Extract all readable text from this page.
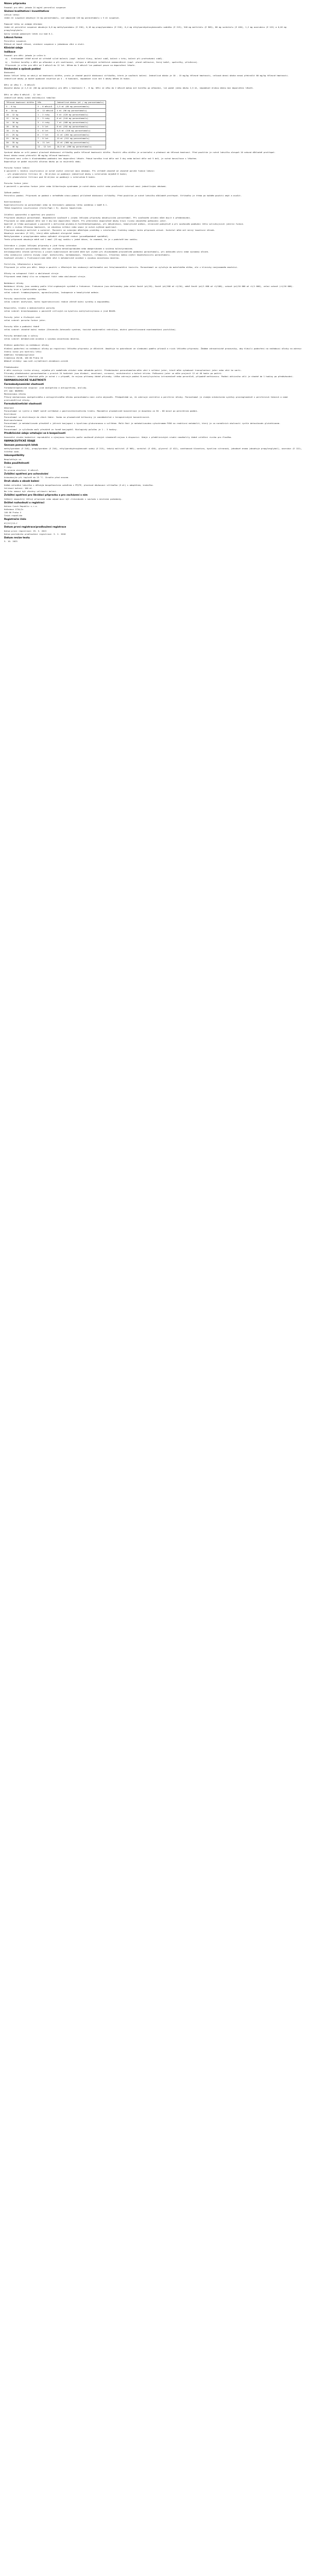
Název přípravku
Panadol pro děti jahoda 24 mg/ml perorální suspenze
Složení kvalitativní i kvantitativní
Léčivá látka:
Jeden ml suspenze obsahuje 24 mg paracetamolu, což odpovídá 120 mg paracetamolu v 5 ml suspenze.

Pomocné látky se známým účinkem:
Jeden ml perorální suspenze obsahuje 0,8 mg methylparabenu (E 218), 0,16 mg propylparabenu (E 216), 0,4 mg ethylparahydroxybenzoátu sodného (E 215), 540 mg maltitolu (E 965), 80 mg sorbitolu (E 420), 1,2 mg azorubinu (E 122) a 0,02 mg propylenglykolu.
Úplný seznam pomocných látek viz bod 6.1.
Léková forma
Perorální suspenze.
Růžová až tmavě růžová, viskózní suspenze s jahodovou vůní a chutí.
Klinické údaje
Indikace
Panadol pro děti jahoda je určen k:
a) - Krátkodobé léčbě mírné až středně silné bolesti (např. bolest hlavy, bolest zubů, bolest v krku, bolest při prořezávání zubů).
b) - Snížení horečky u dětí po očkování a při nachlazení, chřipce a dětských infekčních onemocněních (např. plané neštovice, černý kašel, spalničky, příušnice).
Přípravek je určen pro děti od 3 měsíců do 12 let. Dětem do 3 měsíců lze podávat pouze na doporučení lékaře.
Dávkování a způsob podání
Dávkování
Dávka léčivé látky se odvíjí od hmotnosti dítěte, proto je vhodné použít dávkovací stříkačku, která je součástí balení. Jednotlivá dávka je 10 - 15 mg/kg tělesné hmotnosti, celková denní dávka nesmí překročit 60 mg/kg tělesné hmotnosti.
Jednotlivé dávky je možné opakovat nejdříve po 4 - 6 hodinách, nepodávat více než 4 dávky během 24 hodin.

Děti ve věku 3 - 6 měsíců:
Obvyklá dávka je 2,5 ml (60 mg paracetamolu) pro děti s hmotností 5 - 8 kg. Děti ve věku do 2 měsíců mohou mít horečku po očkování, lze podat jednu dávku 2,5 ml, nepodávat druhou dávku bez doporučení lékaře.

Děti ve věku 6 měsíců - 12 let:
Jednotlivé dávky uvádí následující tabulka:
Tělesná hmotnost dítěte	Věk	Jednotlivá dávka (ml / mg paracetamolu)
5 - 8 kg	3 - 6 měsíců	2,5 ml (60 mg paracetamolu)
8 - 10 kg	6 - 12 měsíců	4 ml (96 mg paracetamolu)
10 - 12 kg	1 - 2 roky	5 ml (120 mg paracetamolu)
12 - 14 kg	2 - 3 roky	6 ml (144 mg paracetamolu)
14 - 16 kg	3 - 4 roky	7 ml (168 mg paracetamolu)
16 - 18 kg	4 - 5 let	8 ml (192 mg paracetamolu)
18 - 21 kg	5 - 6 let	9,5 ml (228 mg paracetamolu)
21 - 25 kg	6 - 7 let	11 ml (264 mg paracetamolu)
25 - 30 kg	7 - 9 let	13 ml (312 mg paracetamolu)
30 - 35 kg	9 - 11 let	15 ml (360 mg paracetamolu)
35 - 40 kg	11 - 12 let	16,5 ml (396 mg paracetamolu)
Správná dávka se určí pomocí plastové dávkovací stříkačky podle tělesné hmotnosti dítěte. Použití věku dítěte je orientační a přednost má tělesná hmotnost. Před použitím je nutné lahvičku alespoň 10 sekund důkladně protřepat.
Denní dávka nesmí překročit 60 mg/kg tělesné hmotnosti.
Přípravek není určen k dlouhodobému podávání bez doporučení lékaře. Pokud horečka trvá déle než 3 dny nebo bolest déle než 5 dnů, je nutná konzultace s lékařem.
Doporučuje se podat nejnižší účinnou dávku po co nejkratší dobu.

Porucha funkce ledvin
U pacientů s renální insuficiencí je nutné zvýšit interval mezi dávkami. Při středně závažné až závažné poruše funkce ledvin:
- při glomerulární filtraci 10 - 50 ml/min se podávají jednotlivé dávky s intervalem nejméně 6 hodin;
- při glomerulární filtraci pod 10 ml/min se podávají s intervalem 8 hodin.

Porucha funkce jater
U pacientů s poruchou funkce jater nebo Gilbertovým syndromem je nutné dávku snížit nebo prodloužit interval mezi jednotlivými dávkami.

Způsob podání
Perorální podání. Přípravek se podává v neředěném stavu pomocí přiložené dávkovací stříkačky. Před použitím je nutné lahvičku důkladně protřepat. Stříkačku je třeba po každém použití omýt a osušit.

Kontraindikace
Hypersenzitivita na paracetamol nebo na kteroukoli pomocnou látku uvedenou v bodě 6.1.
Těžká hepatální insuficience (Child-Pugh > 9). Akutní hepatitida.

Zvláštní upozornění a opatření pro použití
Přípravek obsahuje paracetamol. Nepodávejte současně s jinými léčivými přípravky obsahujícími paracetamol. Při současném užívání může dojít k předávkování.
Přípravek se nemá podávat déle než 3 dny bez doporučení lékaře. Při překročení doporučené dávky hrozí riziko závažného poškození jater.
Opatrně je třeba postupovat u pacientů s deficitem glukózo-6-fosfátdehydrogenázy, při dehydrataci, hemolytické anémii, chronické podvýživě a při současném podávání léčiv ovlivňujících jaterní funkce.
U dětí s nízkou tělesnou hmotností, se závažnou infekcí nebo sepsí je nutná zvýšená opatrnost.
Přípravek obsahuje maltitol a sorbitol. Pacienti se vzácnými dědičnými problémy s intolerancí fruktózy nemají tento přípravek užívat. Sorbitol může mít mírný laxativní účinek.
Obsahuje azorubin (E 122), který může způsobit alergické reakce.
Methylparaben a propylparaben mohou způsobit alergické reakce (pravděpodobně zpožděné).
Tento přípravek obsahuje méně než 1 mmol (23 mg) sodíku v jedné dávce, to znamená, že je v podstatě bez sodíku.

Interakce s jinými léčivými přípravky a jiné formy interakce
Rychlost absorpce paracetamolu může být zvýšena metoklopramidem nebo domperidonem a snížena kolestyraminem.
Antikoagulační účinek warfarinu a jiných kumarinových derivátů může být zvýšen při dlouhodobém pravidelném podávání paracetamolu, při občasném užití nemá významný účinek.
Léky indukující jaterní enzymy (např. barbituráty, karbamazepin, fenytoin, rifampicin, třezalka) mohou zvýšit hepatotoxicitu paracetamolu.
Současné užívání s flukloxacilinem může vést k metabolické acidóze s vysokou aniontovou mezerou.

Fertilita, těhotenství a kojení
Přípravek je určen pro děti. Údaje o použití u těhotných žen neukazují malformační ani feto/neonatální toxicitu. Paracetamol se vylučuje do mateřského mléka, ale v klinicky nevýznamném množství.

Účinky na schopnost řídit a obsluhovat stroje
Přípravek nemá žádný vliv na schopnost řídit nebo obsluhovat stroje.

Nežádoucí účinky
Nežádoucí účinky jsou uvedeny podle tříd orgánových systémů a frekvence. Frekvence jsou definovány jako velmi časté (≥1/10), časté (≥1/100 až <1/10), méně časté (≥1/1 000 až <1/100), vzácné (≥1/10 000 až <1/1 000), velmi vzácné (<1/10 000).
Poruchy krve a lymfatického systému
velmi vzácné: trombocytopenie, agranulocytóza, leukopenie a hemolytická anémie.

Poruchy imunitního systému
velmi vzácné: anafylaxe, kožní hypersenzitivní reakce včetně kožní vyrážky a angioedému.

Respirační, hrudní a mediastinální poruchy
velmi vzácné: bronchospasmus u pacientů citlivých na kyselinu acetylsalicylovou a jiná NSAID.

Poruchy jater a žlučových cest
velmi vzácné: porucha funkce jater.

Poruchy kůže a podkožní tkáně
velmi vzácné: závažné kožní reakce (Stevensův-Johnsonův syndrom, toxická epidermální nekrolýza, akutní generalizovaná exantematózní pustulóza).

Poruchy metabolismu a výživy
velmi vzácné: metabolická acidóza s vysokou aniontovou mezerou.

Hlášení podezření na nežádoucí účinky
Hlášení podezření na nežádoucí účinky po registraci léčivého přípravku je důležité. Umožňuje to pokračovat ve sledování poměru přínosů a rizik léčivého přípravku. Žádáme zdravotnické pracovníky, aby hlásili podezření na nežádoucí účinky na adresu:
Státní ústav pro kontrolu léčiv
Oddělení farmakovigilance
Šrobárova 49/48, 100 00 Praha 10
Webové stránky: www.sukl.cz/nahlasit-nezadouci-ucinek

Předávkování
U dětí existuje riziko otravy, zejména při nadměrném užívání nebo náhodném požití. Předávkování paracetamolem může vést k selhání jater, které může vyžadovat transplantaci jater nebo vést ke smrti.
Příznaky předávkování paracetamolem v prvních 24 hodinách jsou bledost, nevolnost, zvracení, nechutenství a bolest břicha. Poškození jater se může projevit 12 až 48 hodin po požití.
Zvládnutí: okamžitá lékařská péče je nutná i v případě, že nejsou přítomny žádné příznaky. Léčba zahrnuje podání N-acetylcysteinu intravenózně nebo perorálně, případně methioninu. Podání aktivního uhlí je vhodné do 1 hodiny po předávkování.
FARMAKOLOGICKÉ VLASTNOSTI
Farmakodynamické vlastnosti
Farmakoterapeutická skupina: jiná analgetika a antipyretika, anilidy.
ATC kód: N02BE01
Mechanismus účinku
Přesný mechanismus analgetického a antipyretického účinku paracetamolu není zcela objasněn. Předpokládá se, že zahrnuje centrální a periferní účinky. Paracetamol je slabým inhibitorem syntézy prostaglandinů v periferních tkáních a nemá protizánětlivé účinky.
Farmakokinetické vlastnosti
Absorpce
Paracetamol se rychle a téměř úplně vstřebává z gastrointestinálního traktu. Maximální plazmatické koncentrace je dosaženo za 30 - 60 minut po perorálním podání.
Distribuce
Paracetamol se distribuuje do všech tkání. Vazba na plazmatické bílkoviny je zanedbatelná v terapeutických koncentracích.
Biotransformace
Paracetamol je metabolizován převážně v játrech konjugací s kyselinou glukuronovou a sulfátem. Malá část je metabolizována cytochromem P450 na reaktivní metabolit, který je za normálních okolností rychle detoxikován glutathionem.
Eliminace
Paracetamol je vylučován močí převážně ve formě konjugátů. Biologický poločas je 1 - 3 hodiny.
Předklinické údaje vztahující se k bezpečnosti
Konvenční studie hodnotící reprodukční a vývojovou toxicitu podle současně platných standardů nejsou k dispozici. Údaje z předklinických studií neodhalily žádné zvláštní riziko pro člověka.
FARMACEUTICKÉ ÚDAJE
Seznam pomocných látek
methylparaben (E 218), propylparaben (E 216), ethylparahydroxybenzoát sodný (E 215), tekutý maltitol (E 965), sorbitol (E 420), glycerol (E 422), xanthanová klovatina, kyselina citronová, jahodové aroma (obsahuje propylenglykol), azorubin (E 122), čištěná voda.
Inkompatibility
Neuplatňuje se.
Doba použitelnosti
3 roky.
Po prvním otevření: 6 měsíců.
Zvláštní opatření pro uchovávání
Uchovávejte při teplotě do 25 °C. Chraňte před mrazem.
Druh obalu a obsah balení
Hnědá skleněná lahvička s dětským bezpečnostním uzávěrem z PP/PE, plastová dávkovací stříkačka (5 ml) s adaptérem, krabička.
Velikost balení: 100 ml.
Na trhu nemusí být všechny velikosti balení.
Zvláštní opatření pro likvidaci přípravku a pro zacházení s ním
Veškerý nepoužitý léčivý přípravek nebo odpad musí být zlikvidován v souladu s místními požadavky.
Držitel rozhodnutí o registraci
Haleon Czech Republic s.r.o.
Hvězdova 1734/2c
140 00 Praha 4
Česká republika
Registrační číslo
07/217/13-C
Datum první registrace/prodloužení registrace
Datum první registrace: 29. 5. 2013
Datum posledního prodloužení registrace: 3. 2. 2018
Datum revize textu
5. 10. 2023
